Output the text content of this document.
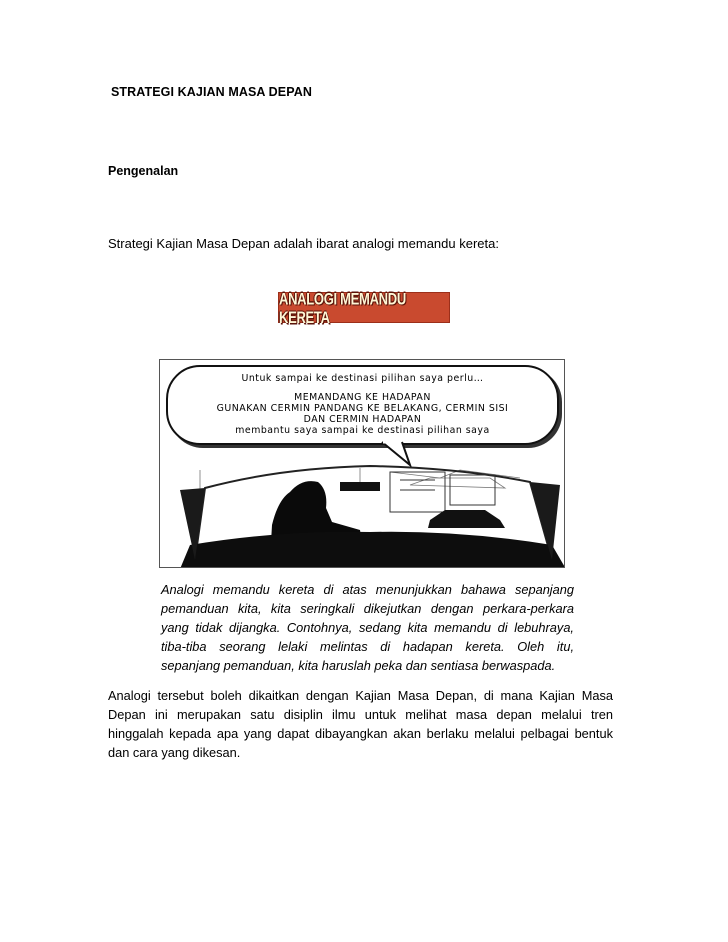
STRATEGI KAJIAN MASA DEPAN
Pengenalan
Strategi Kajian Masa Depan adalah ibarat analogi memandu kereta:
ANALOGI MEMANDU KERETA
Untuk sampai ke destinasi pilihan saya perlu…
MEMANDANG KE HADAPAN
GUNAKAN CERMIN PANDANG KE BELAKANG, CERMIN SISI
DAN CERMIN HADAPAN
membantu saya sampai ke destinasi pilihan saya
Analogi memandu kereta di atas menunjukkan bahawa sepanjang
pemanduan kita, kita seringkali dikejutkan dengan perkara-perkara
yang tidak dijangka. Contohnya, sedang kita memandu di lebuhraya,
tiba-tiba seorang lelaki melintas di hadapan kereta. Oleh itu,
sepanjang pemanduan, kita haruslah peka dan sentiasa berwaspada.
Analogi tersebut boleh dikaitkan dengan Kajian Masa Depan, di mana Kajian Masa
Depan ini merupakan satu disiplin ilmu untuk melihat masa depan melalui tren
hinggalah kepada apa yang dapat dibayangkan akan berlaku melalui pelbagai bentuk
dan cara yang dikesan.
